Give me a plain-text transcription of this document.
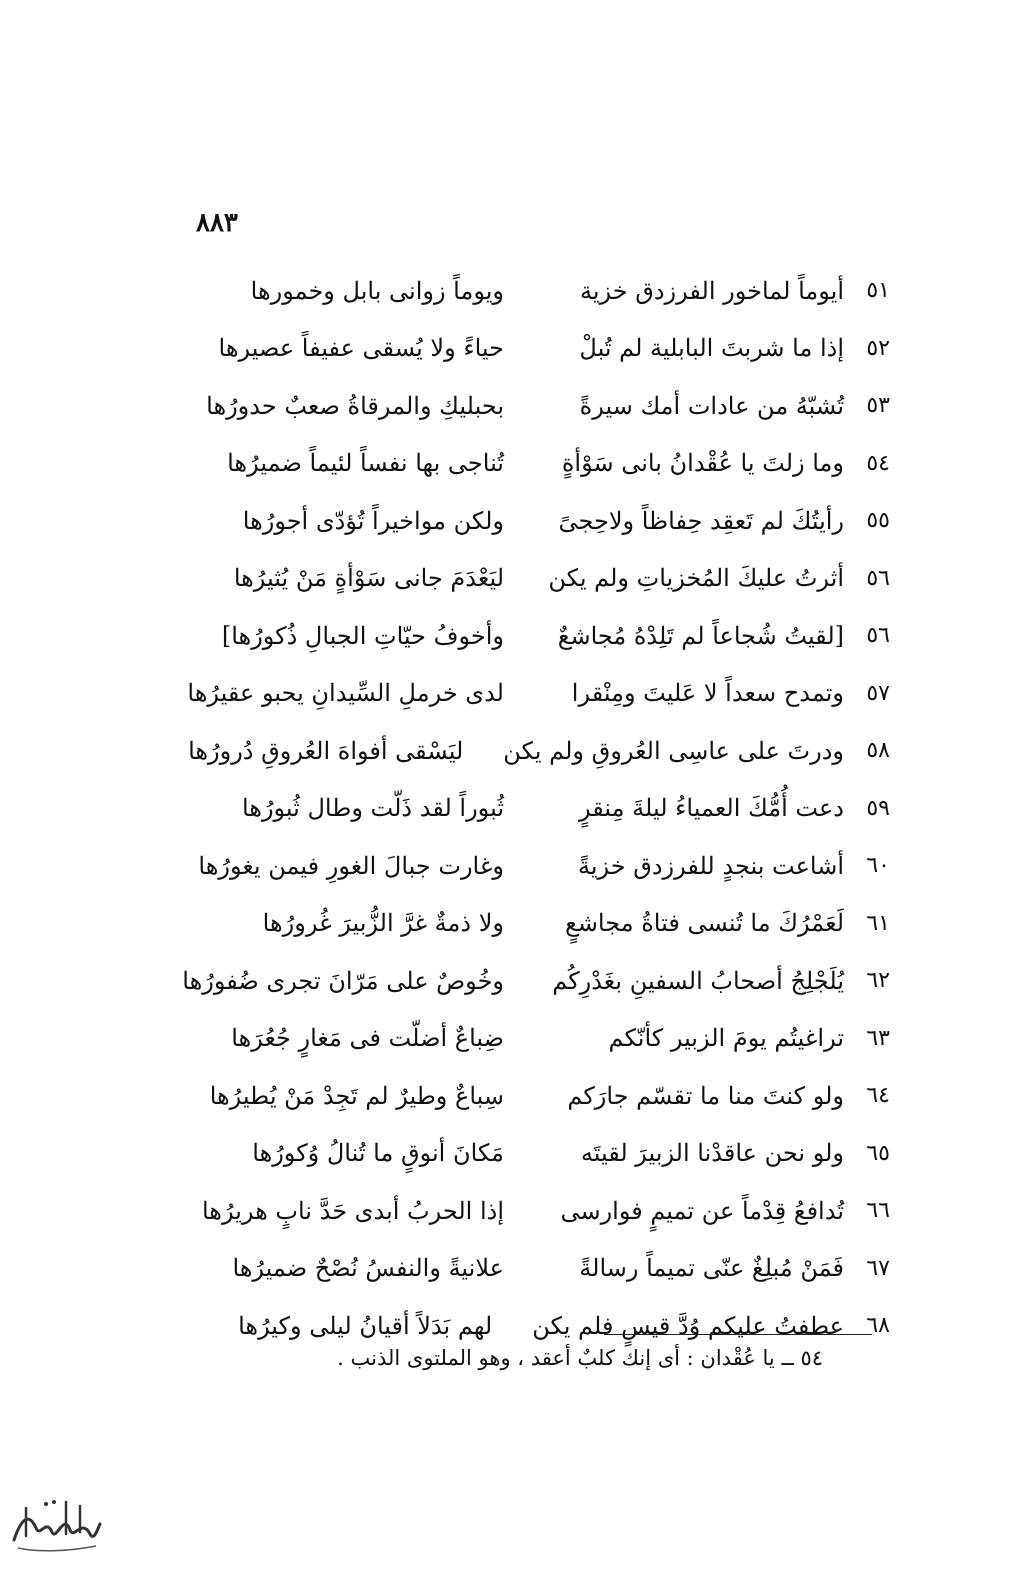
٨٨٣
٥١
أيوماً لماخور الفرزدق خزية
ويوماً زوانى بابل وخمورها
٥٢
إذا ما شربتَ البابلية لم تُبلْ
حياءً ولا يُسقى عفيفاً عصيرها
٥٣
تُشبّهُ من عادات أمك سيرةً
بحبليكِ والمرقاةُ صعبٌ حدورُها
٥٤
وما زلتَ يا عُقْدانُ بانى سَوْأةٍ
تُناجى بها نفساً لئيماً ضميرُها
٥٥
رأيتُكَ لم تَعقِد حِفاظاً ولاحِجىً
ولكن مواخيراً تُؤدّى أجورُها
٥٦
أثرتُ عليكَ المُخزياتِ ولم يكن
ليَعْدَمَ جانى سَوْأةٍ مَنْ يُثيرُها
٥٦
[لقيتُ شُجاعاً لم تَلِدْهُ مُجاشعٌ
وأخوفُ حيّاتِ الجبالِ ذُكورُها]
٥٧
وتمدح سعداً لا عَليتَ ومِنْقرا
لدى خرملِ السِّيدانِ يحبو عقيرُها
٥٨
ودرتَ على عاسِى العُروقِ ولم يكن
ليَسْقى أفواهَ العُروقِ دُرورُها
٥٩
دعت أُمُّكَ العمياءُ ليلةَ مِنقرٍ
ثُبوراً لقد ذَلّت وطال ثُبورُها
٦٠
أشاعت بنجدٍ للفرزدق خزيةً
وغارت جبالَ الغورِ فيمن يغورُها
٦١
لَعَمْرُكَ ما تُنسى فتاةُ مجاشعٍ
ولا ذمةٌ غرَّ الزُّبيرَ غُرورُها
٦٢
يُلَجْلِجُ أصحابُ السفينِ بغَدْرِكُم
وخُوصٌ على مَرّانَ تجرى ضُفورُها
٦٣
تراغيتُم يومَ الزبير كأنّكم
ضِباعٌ أضلّت فى مَغارٍ جُعُرَها
٦٤
ولو كنتَ منا ما تقسّم جارَكم
سِباعٌ وطيرٌ لم تَجِدْ مَنْ يُطيرُها
٦٥
ولو نحن عاقدْنا الزبيرَ لقيتَه
مَكانَ أنوقٍ ما تُنالُ وُكورُها
٦٦
تُدافعُ قِدْماً عن تميمٍ فوارسى
إذا الحربُ أبدى حَدَّ نابٍ هريرُها
٦٧
فَمَنْ مُبلِغٌ عنّى تميماً رسالةً
علانيةً والنفسُ نُصْحٌ ضميرُها
٦٨
عطفتُ عليكم وُدَّ قيسٍ فلم يكن
لهم بَدَلاً أقيانُ ليلى وكيرُها
٥٤ ــ يا عُقْدان : أى إنك كلبٌ أعقد ، وهو الملتوى الذنب .
